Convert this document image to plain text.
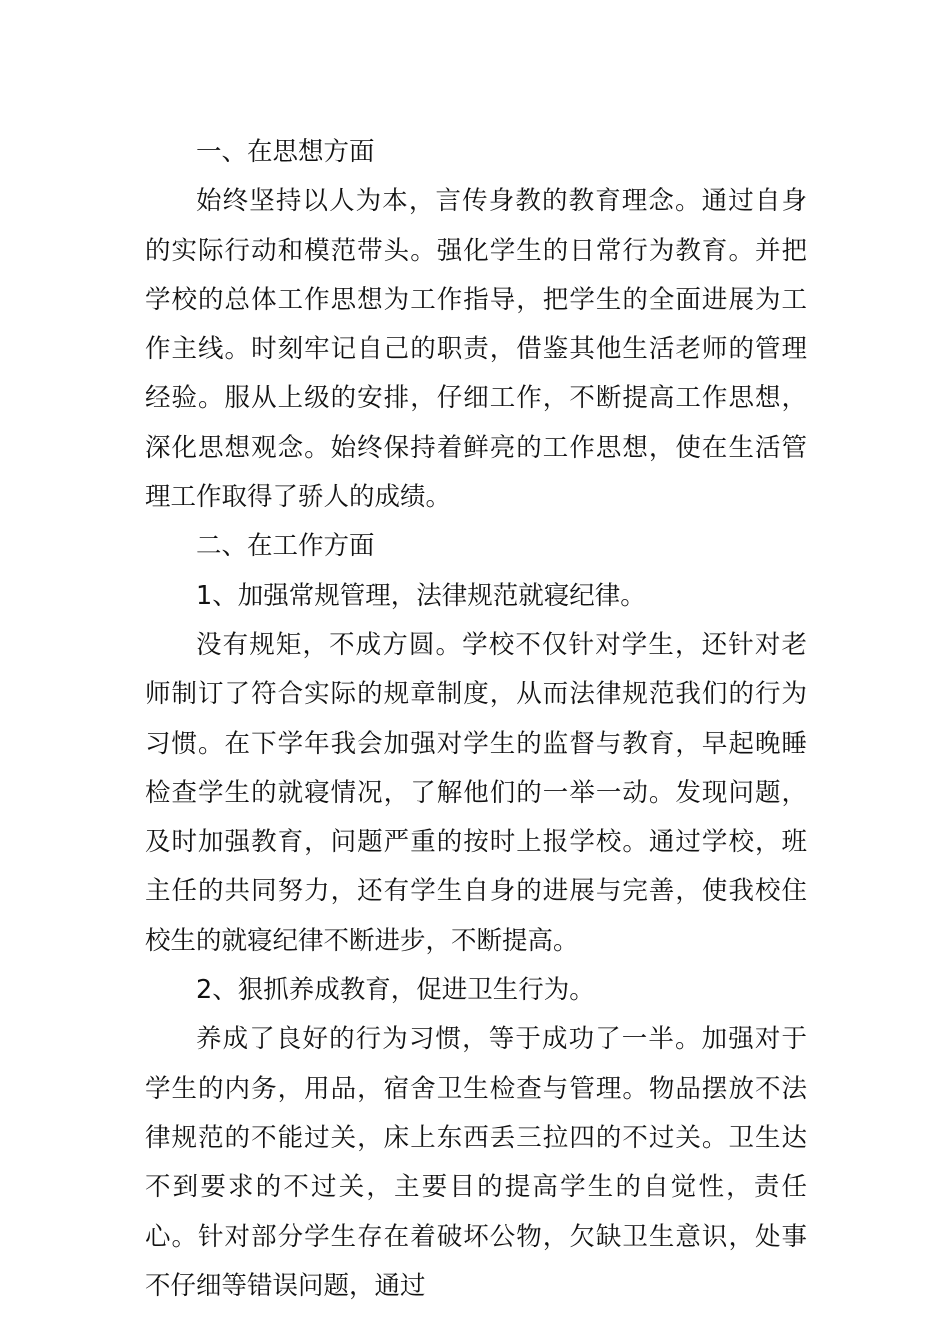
一、在思想方面

始终坚持以人为本，言传身教的教育理念。通过自身的实际行动和模范带头。强化学生的日常行为教育。并把学校的总体工作思想为工作指导，把学生的全面进展为工作主线。时刻牢记自己的职责，借鉴其他生活老师的管理经验。服从上级的安排，仔细工作，不断提高工作思想，深化思想观念。始终保持着鲜亮的工作思想，使在生活管理工作取得了骄人的成绩。

二、在工作方面

1、加强常规管理，法律规范就寝纪律。

没有规矩，不成方圆。学校不仅针对学生，还针对老师制订了符合实际的规章制度，从而法律规范我们的行为习惯。在下学年我会加强对学生的监督与教育，早起晚睡检查学生的就寝情况，了解他们的一举一动。发现问题，及时加强教育，问题严重的按时上报学校。通过学校，班主任的共同努力，还有学生自身的进展与完善，使我校住校生的就寝纪律不断进步，不断提高。

2、狠抓养成教育，促进卫生行为。

养成了良好的行为习惯，等于成功了一半。加强对于学生的内务，用品，宿舍卫生检查与管理。物品摆放不法律规范的不能过关，床上东西丢三拉四的不过关。卫生达不到要求的不过关，主要目的提高学生的自觉性，责任心。针对部分学生存在着破坏公物，欠缺卫生意识，处事不仔细等错误问题，通过
